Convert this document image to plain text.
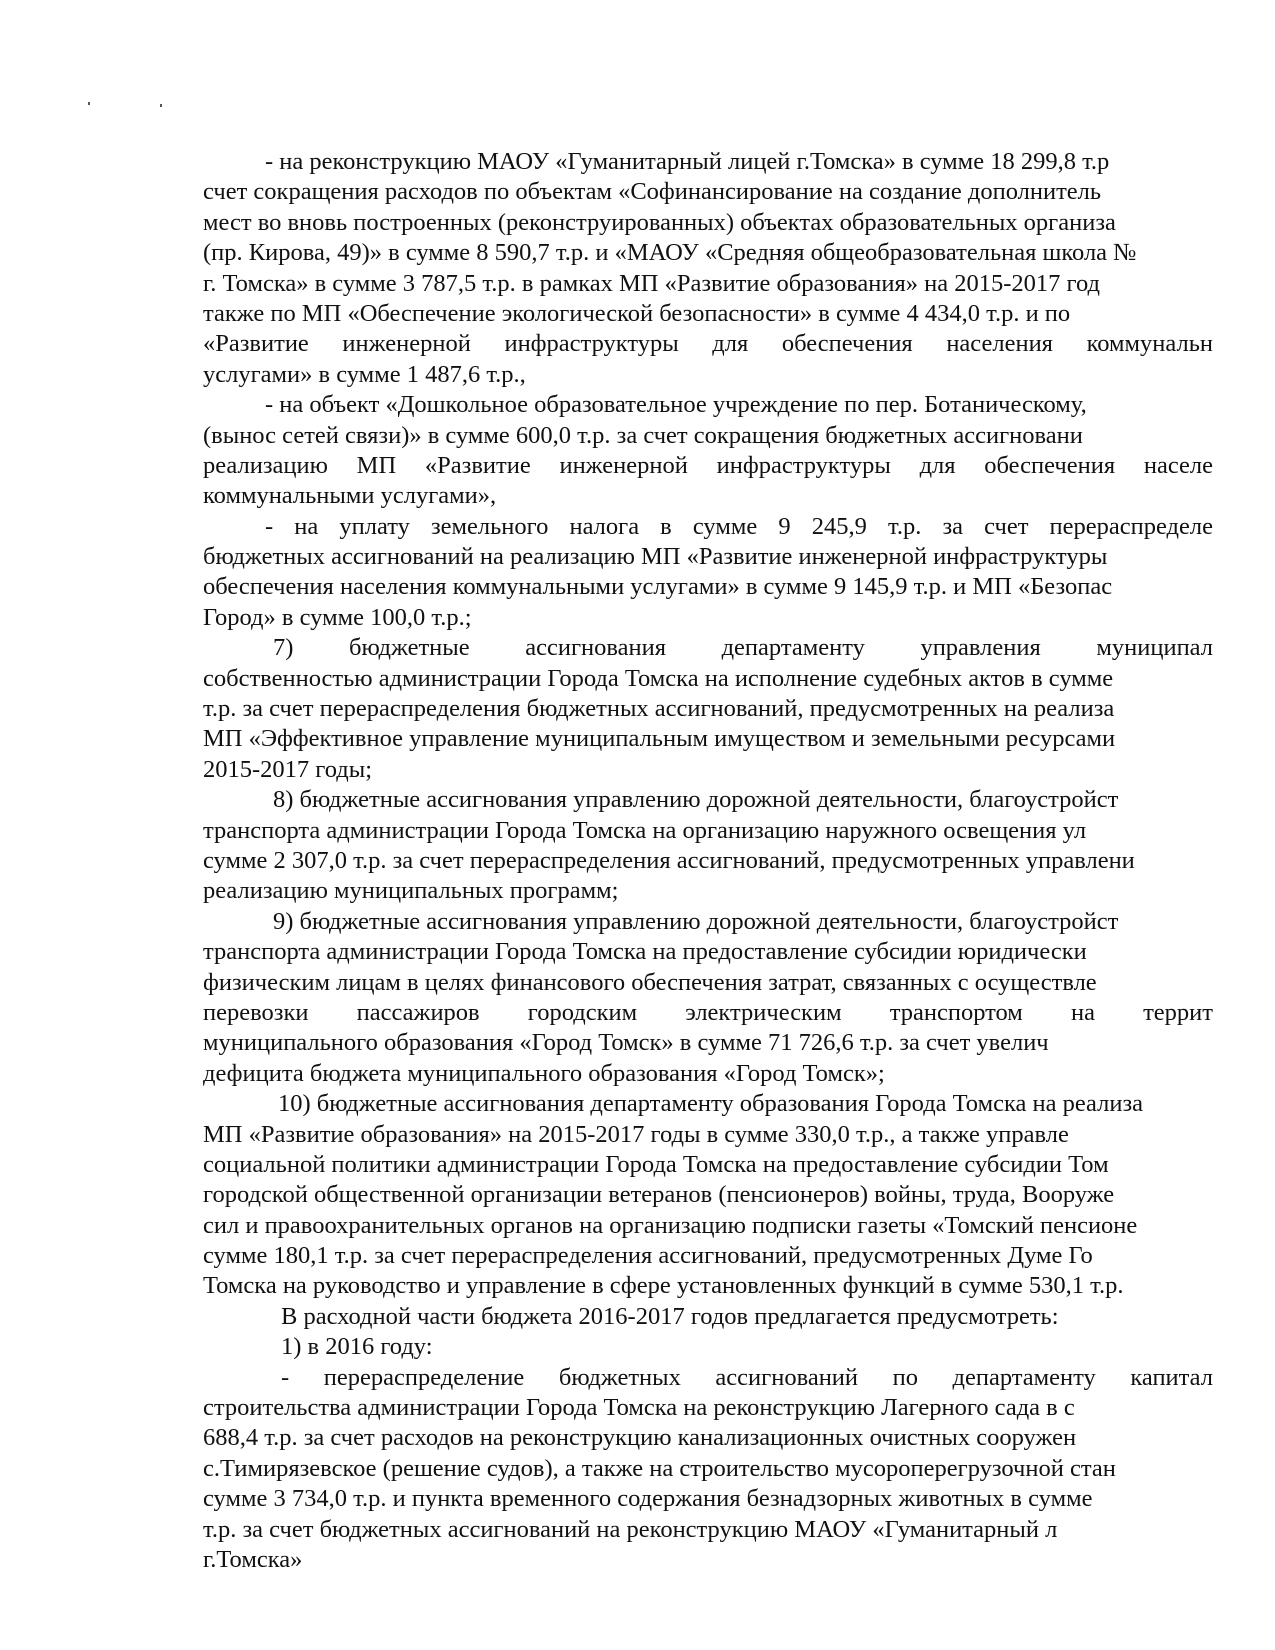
- на реконструкцию МАОУ «Гуманитарный лицей г.Томска» в сумме 18 299,8 т.р
счет сокращения расходов по объектам «Софинансирование на создание дополнитель
мест во вновь построенных (реконструированных) объектах образовательных организа
(пр. Кирова, 49)» в сумме 8 590,7 т.р. и «МАОУ «Средняя общеобразовательная школа №
г. Томска» в сумме 3 787,5 т.р. в рамках МП «Развитие образования» на 2015-2017 год
также по МП «Обеспечение экологической безопасности» в сумме 4 434,0 т.р. и по
«Развитие инженерной инфраструктуры для обеспечения населения коммунальн
услугами» в сумме 1 487,6 т.р.,
- на объект «Дошкольное образовательное учреждение по пер. Ботаническому,
(вынос сетей связи)» в сумме 600,0 т.р. за счет сокращения бюджетных ассигновани
реализацию МП «Развитие инженерной инфраструктуры для обеспечения населе
коммунальными услугами»,
- на уплату земельного налога в сумме 9 245,9 т.р. за счет перераспределе
бюджетных ассигнований на реализацию МП «Развитие инженерной инфраструктуры
обеспечения населения коммунальными услугами» в сумме 9 145,9 т.р. и МП «Безопас
Город» в сумме 100,0 т.р.;
7) бюджетные ассигнования департаменту управления муниципал
собственностью администрации Города Томска на исполнение судебных актов в сумме
т.р. за счет перераспределения бюджетных ассигнований, предусмотренных на реализа
МП «Эффективное управление муниципальным имуществом и земельными ресурсами
2015-2017 годы;
8) бюджетные ассигнования управлению дорожной деятельности, благоустройст
транспорта администрации Города Томска на организацию наружного освещения ул
сумме 2 307,0 т.р. за счет перераспределения ассигнований, предусмотренных управлени
реализацию муниципальных программ;
9) бюджетные ассигнования управлению дорожной деятельности, благоустройст
транспорта администрации Города Томска на предоставление субсидии юридически
физическим лицам в целях финансового обеспечения затрат, связанных с осуществле
перевозки пассажиров городским электрическим транспортом на террит
муниципального образования «Город Томск» в сумме 71 726,6 т.р. за счет увелич
дефицита бюджета муниципального образования «Город Томск»;
10) бюджетные ассигнования департаменту образования Города Томска на реализа
МП «Развитие образования» на 2015-2017 годы в сумме 330,0 т.р., а также управле
социальной политики администрации Города Томска на предоставление субсидии Том
городской общественной организации ветеранов (пенсионеров) войны, труда, Вооруже
сил и правоохранительных органов на организацию подписки газеты «Томский пенсионе
сумме 180,1 т.р. за счет перераспределения ассигнований, предусмотренных Думе Го
Томска на руководство и управление в сфере установленных функций в сумме 530,1 т.р.
В расходной части бюджета 2016-2017 годов предлагается предусмотреть:
1) в 2016 году:
- перераспределение бюджетных ассигнований по департаменту капитал
строительства администрации Города Томска на реконструкцию Лагерного сада в с
688,4 т.р. за счет расходов на реконструкцию канализационных очистных сооружен
с.Тимирязевское (решение судов), а также на строительство мусороперегрузочной стан
сумме 3 734,0 т.р. и пункта временного содержания безнадзорных животных в сумме
т.р. за счет бюджетных ассигнований на реконструкцию МАОУ «Гуманитарный л
г.Томска»
